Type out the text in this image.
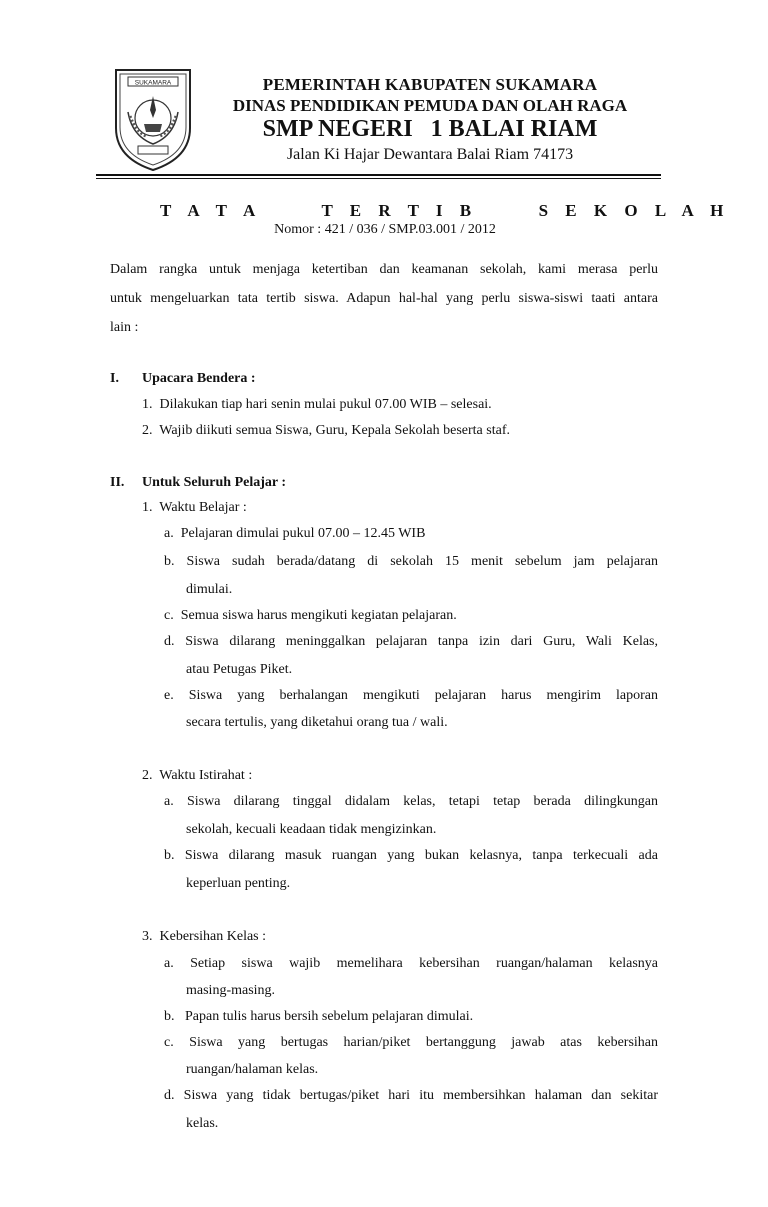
SUKAMARA	PEMERINTAH KABUPATEN SUKAMARA
DINAS PENDIDIKAN PEMUDA DAN OLAH RAGA
SMP NEGERI   1 BALAI RIAM
Jalan Ki Hajar Dewantara Balai Riam 74173
T A T A    T E R T I B    S E K O L A H
Nomor : 421 / 036 / SMP.03.001 / 2012
Dalam rangka untuk menjaga ketertiban dan keamanan sekolah, kami merasa perlu
untuk mengeluarkan tata tertib siswa. Adapun hal-hal yang perlu siswa-siswi taati antara
lain :
I. Upacara Bendera :
1.  Dilakukan tiap hari senin mulai pukul 07.00 WIB – selesai.
2.  Wajib diikuti semua Siswa, Guru, Kepala Sekolah beserta staf.
II. Untuk Seluruh Pelajar :
1.  Waktu Belajar :
a.  Pelajaran dimulai pukul 07.00 – 12.45 WIB
b. Siswa sudah berada/datang di sekolah 15 menit sebelum jam pelajaran
dimulai.
c.  Semua siswa harus mengikuti kegiatan pelajaran.
d. Siswa dilarang meninggalkan pelajaran tanpa izin dari Guru, Wali Kelas,
atau Petugas Piket.
e. Siswa yang berhalangan mengikuti pelajaran harus mengirim laporan
secara tertulis, yang diketahui orang tua / wali.
2.  Waktu Istirahat :
a. Siswa dilarang tinggal didalam kelas, tetapi tetap berada dilingkungan
sekolah, kecuali keadaan tidak mengizinkan.
b. Siswa dilarang masuk ruangan yang bukan kelasnya, tanpa terkecuali ada
keperluan penting.
3.  Kebersihan Kelas :
a. Setiap siswa wajib memelihara kebersihan ruangan/halaman kelasnya
masing-masing.
b.   Papan tulis harus bersih sebelum pelajaran dimulai.
c. Siswa yang bertugas harian/piket bertanggung jawab atas kebersihan
ruangan/halaman kelas.
d. Siswa yang tidak bertugas/piket hari itu membersihkan halaman dan sekitar
kelas.
